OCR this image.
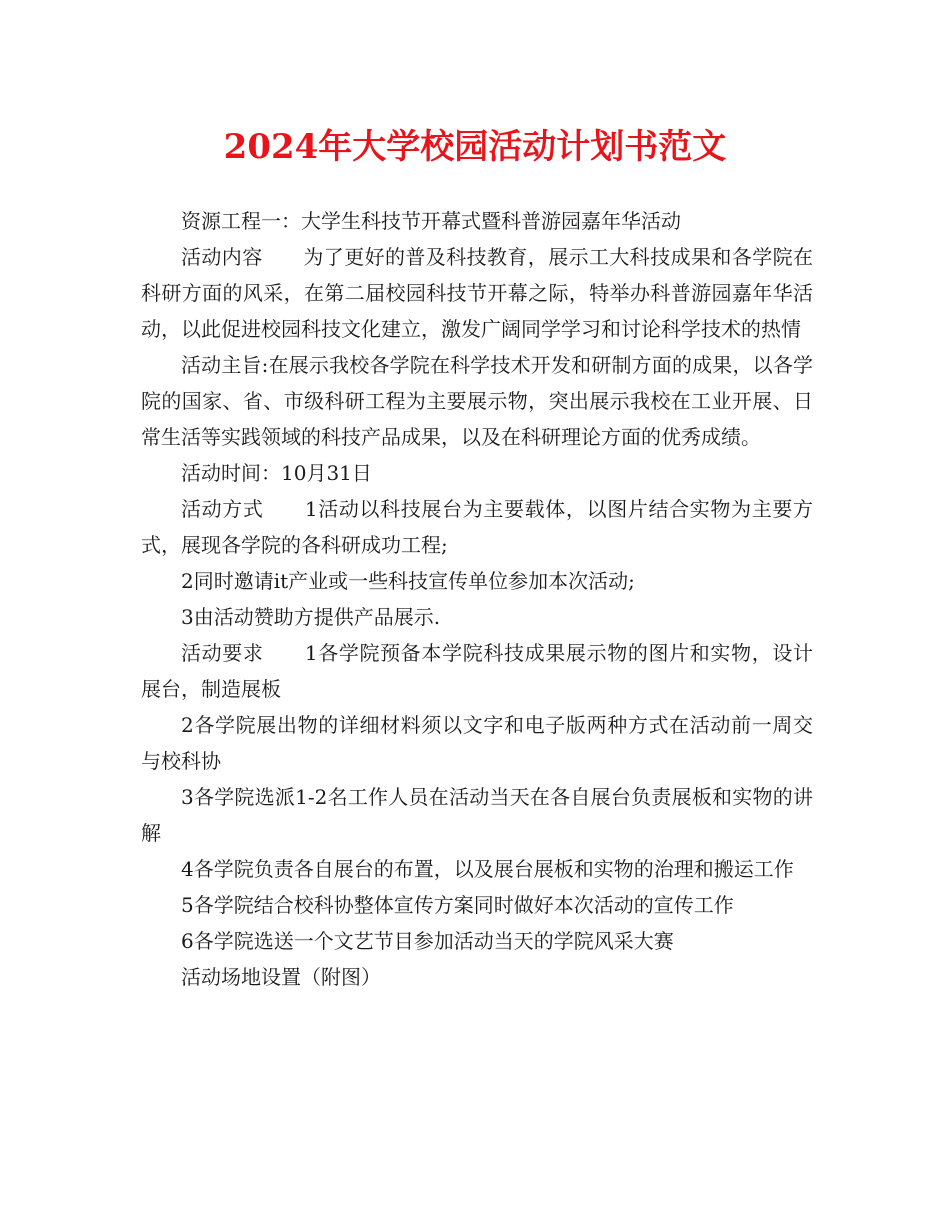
2024年大学校园活动计划书范文

资源工程一：大学生科技节开幕式暨科普游园嘉年华活动

活动内容　　为了更好的普及科技教育，展示工大科技成果和各学院在科研方面的风采，在第二届校园科技节开幕之际，特举办科普游园嘉年华活动，以此促进校园科技文化建立，激发广阔同学学习和讨论科学技术的热情

活动主旨:在展示我校各学院在科学技术开发和研制方面的成果，以各学院的国家、省、市级科研工程为主要展示物，突出展示我校在工业开展、日常生活等实践领域的科技产品成果，以及在科研理论方面的优秀成绩。

活动时间：10月31日

活动方式　　1活动以科技展台为主要载体，以图片结合实物为主要方式，展现各学院的各科研成功工程;

2同时邀请it产业或一些科技宣传单位参加本次活动;

3由活动赞助方提供产品展示.

活动要求　　1各学院预备本学院科技成果展示物的图片和实物，设计展台，制造展板

2各学院展出物的详细材料须以文字和电子版两种方式在活动前一周交与校科协

3各学院选派1-2名工作人员在活动当天在各自展台负责展板和实物的讲解

4各学院负责各自展台的布置，以及展台展板和实物的治理和搬运工作

5各学院结合校科协整体宣传方案同时做好本次活动的宣传工作

6各学院选送一个文艺节目参加活动当天的学院风采大赛

活动场地设置（附图）
